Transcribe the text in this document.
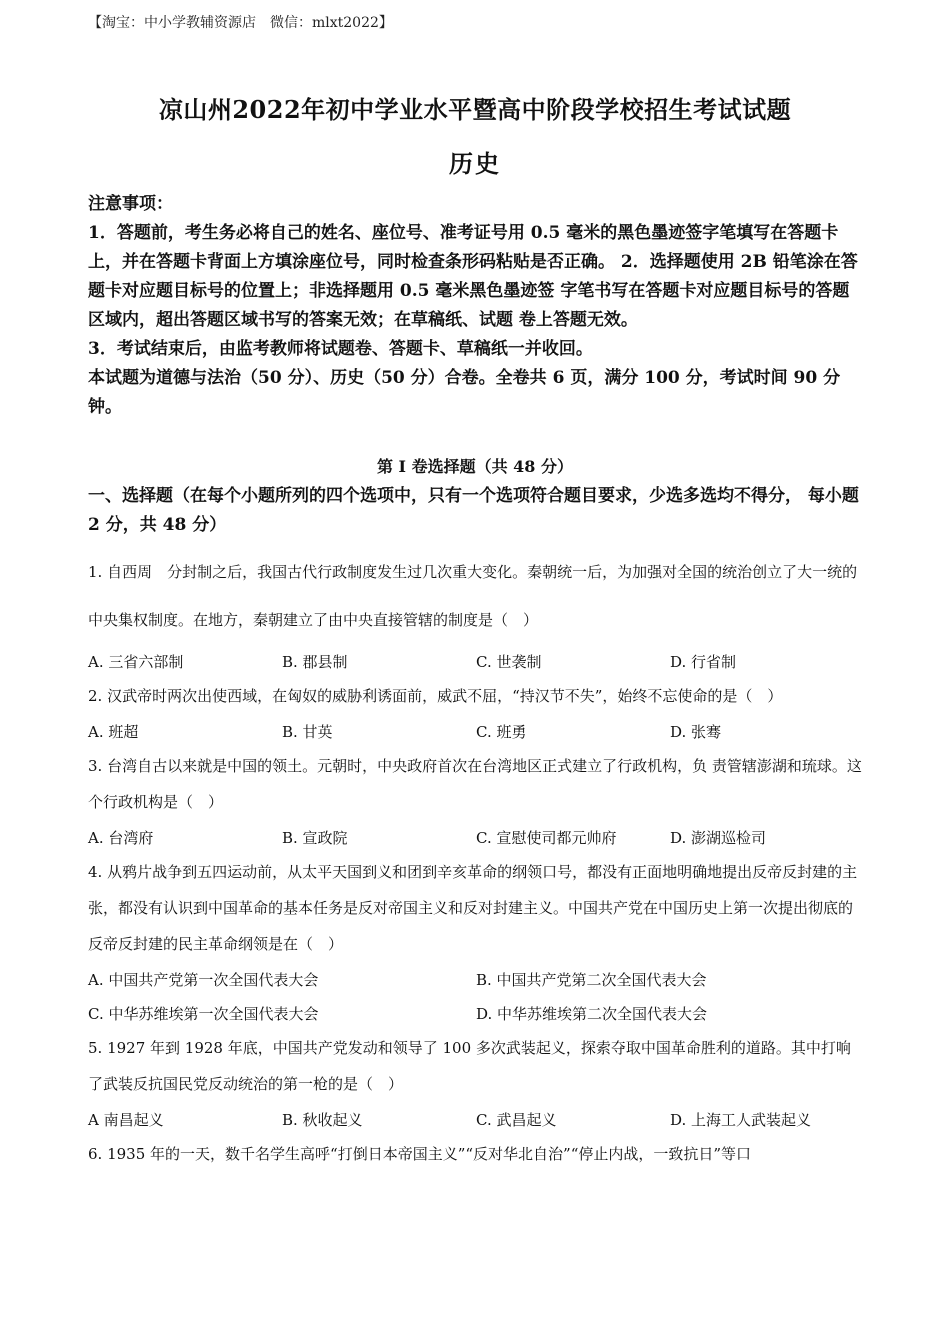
【淘宝：中小学教辅资源店　微信：mlxt2022】
凉山州2022年初中学业水平暨高中阶段学校招生考试试题
历史

注意事项：

1．答题前，考生务必将自己的姓名、座位号、准考证号用 0.5 毫米的黑色墨迹签字笔填写在答题卡上，并在答题卡背面上方填涂座位号，同时检查条形码粘贴是否正确。 2．选择题使用 2B 铅笔涂在答题卡对应题目标号的位置上；非选择题用 0.5 毫米黑色墨迹签 字笔书写在答题卡对应题目标号的答题区域内，超出答题区域书写的答案无效；在草稿纸、试题 卷上答题无效。

3．考试结束后，由监考教师将试题卷、答题卡、草稿纸一并收回。

本试题为道德与法治（50 分）、历史（50 分）合卷。全卷共 6 页，满分 100 分，考试时间 90 分钟。

第 I 卷选择题（共 48 分）
一、选择题（在每个小题所列的四个选项中，只有一个选项符合题目要求，少选多选均不得分， 每小题 2 分，共 48 分）

1. 自西周　分封制之后，我国古代行政制度发生过几次重大变化。秦朝统一后，为加强对全国的统治创立了大一统的中央集权制度。在地方，秦朝建立了由中央直接管辖的制度是（　）

A. 三省六部制	B. 郡县制	C. 世袭制	D. 行省制

2. 汉武帝时两次出使西域，在匈奴的威胁利诱面前，威武不屈，“持汉节不失”，始终不忘使命的是（　）

A. 班超	B. 甘英	C. 班勇	D. 张骞

3. 台湾自古以来就是中国的领土。元朝时，中央政府首次在台湾地区正式建立了行政机构，负 责管辖澎湖和琉球。这个行政机构是（　）

A. 台湾府	B. 宣政院	C. 宣慰使司都元帅府	D. 澎湖巡检司

4. 从鸦片战争到五四运动前，从太平天国到义和团到辛亥革命的纲领口号，都没有正面地明确地提出反帝反封建的主张，都没有认识到中国革命的基本任务是反对帝国主义和反对封建主义。中国共产党在中国历史上第一次提出彻底的反帝反封建的民主革命纲领是在（　）

A. 中国共产党第一次全国代表大会	B. 中国共产党第二次全国代表大会
C. 中华苏维埃第一次全国代表大会	D. 中华苏维埃第二次全国代表大会

5. 1927 年到 1928 年底，中国共产党发动和领导了 100 多次武装起义，探索夺取中国革命胜利的道路。其中打响了武装反抗国民党反动统治的第一枪的是（　）

A 南昌起义	B. 秋收起义	C. 武昌起义	D. 上海工人武装起义

6. 1935 年的一天，数千名学生高呼“打倒日本帝国主义”“反对华北自治”“停止内战，一致抗日”等口
